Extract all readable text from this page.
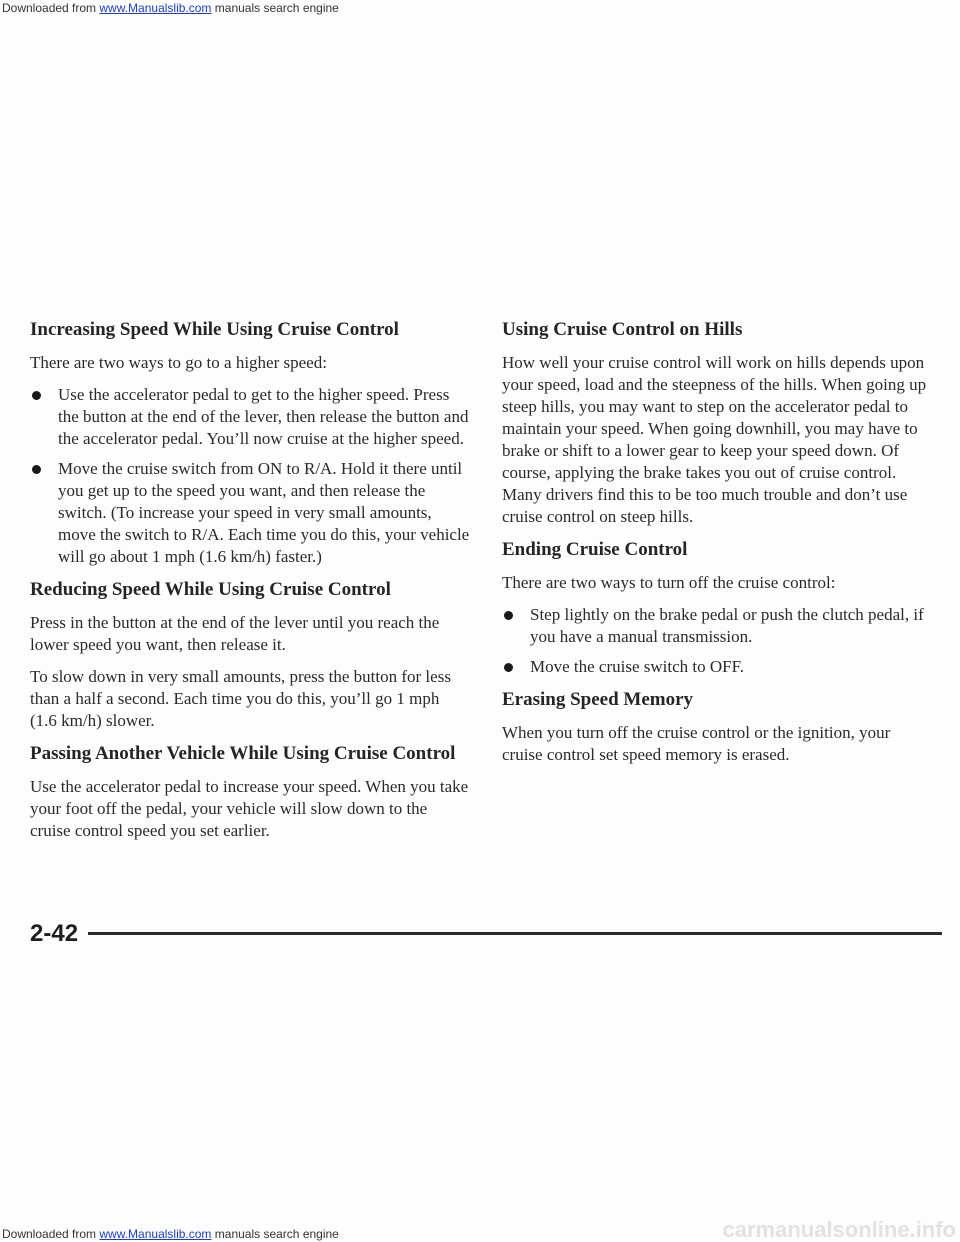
Downloaded from www.Manualslib.com manuals search engine
Increasing Speed While Using Cruise Control

There are two ways to go to a higher speed:

Use the accelerator pedal to get to the higher speed. Press the button at the end of the lever, then release the button and the accelerator pedal. You’ll now cruise at the higher speed.
Move the cruise switch from ON to R/A. Hold it there until you get up to the speed you want, and then release the switch. (To increase your speed in very small amounts, move the switch to R/A. Each time you do this, your vehicle will go about 1 mph (1.6 km/h) faster.)
Reducing Speed While Using Cruise Control

Press in the button at the end of the lever until you reach the lower speed you want, then release it.

To slow down in very small amounts, press the button for less than a half a second. Each time you do this, you’ll go 1 mph (1.6 km/h) slower.

Passing Another Vehicle While Using Cruise Control

Use the accelerator pedal to increase your speed. When you take your foot off the pedal, your vehicle will slow down to the cruise control speed you set earlier.

Using Cruise Control on Hills

How well your cruise control will work on hills depends upon your speed, load and the steepness of the hills. When going up steep hills, you may want to step on the accelerator pedal to maintain your speed. When going downhill, you may have to brake or shift to a lower gear to keep your speed down. Of course, applying the brake takes you out of cruise control. Many drivers find this to be too much trouble and don’t use cruise control on steep hills.

Ending Cruise Control

There are two ways to turn off the cruise control:

Step lightly on the brake pedal or push the clutch pedal, if you have a manual transmission.
Move the cruise switch to OFF.
Erasing Speed Memory

When you turn off the cruise control or the ignition, your cruise control set speed memory is erased.

2-42
Downloaded from www.Manualslib.com manuals search engine	carmanualsonline.info
